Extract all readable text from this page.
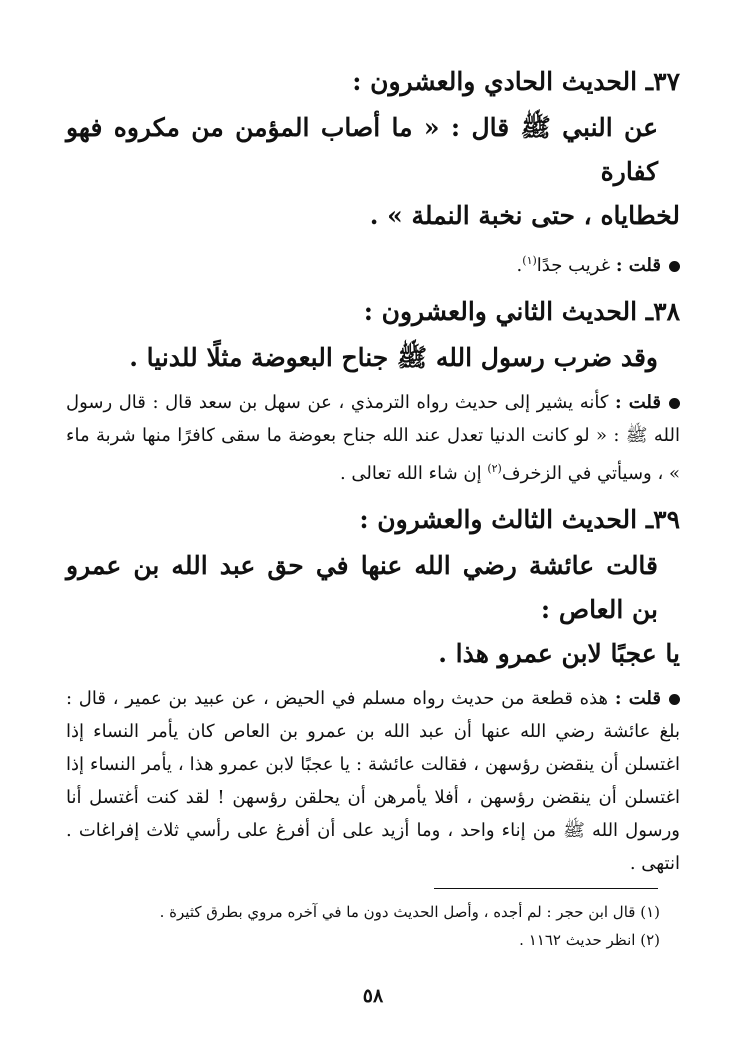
٣٧ـ الحديث الحادي والعشرون :

عن النبي ﷺ قال : « ما أصاب المؤمن من مكروه فهو كفارة

لخطاياه ، حتى نخبة النملة » .

قلت : غريب جدًا$^{(١)}$.

٣٨ـ الحديث الثاني والعشرون :

وقد ضرب رسول الله ﷺ جناح البعوضة مثلًا للدنيا .

قلت : كأنه يشير إلى حديث رواه الترمذي ، عن سهل بن سعد قال : قال رسول الله ﷺ : « لو كانت الدنيا تعدل عند الله جناح بعوضة ما سقى كافرًا منها شربة ماء » ، وسيأتي في الزخرف$^{(٢)}$ إن شاء الله تعالى .

٣٩ـ الحديث الثالث والعشرون :

قالت عائشة رضي الله عنها في حق عبد الله بن عمرو بن العاص :

يا عجبًا لابن عمرو هذا .

قلت : هذه قطعة من حديث رواه مسلم في الحيض ، عن عبيد بن عمير ، قال : بلغ عائشة رضي الله عنها أن عبد الله بن عمرو بن العاص كان يأمر النساء إذا اغتسلن أن ينقضن رؤسهن ، فقالت عائشة : يا عجبًا لابن عمرو هذا ، يأمر النساء إذا اغتسلن أن ينقضن رؤسهن ، أفلا يأمرهن أن يحلقن رؤسهن ! لقد كنت أغتسل أنا ورسول الله ﷺ من إناء واحد ، وما أزيد على أن أفرغ على رأسي ثلاث إفراغات . انتهى .

(١) قال ابن حجر : لم أجده ، وأصل الحديث دون ما في آخره مروي بطرق كثيرة .
(٢) انظر حديث ١١٦٢ .
٥٨
